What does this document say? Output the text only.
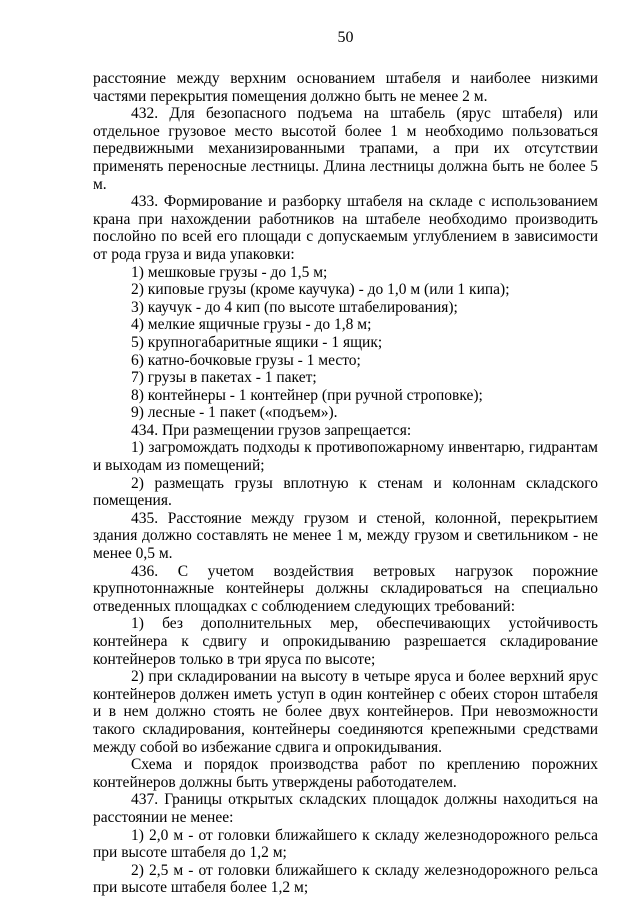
50

расстояние между верхним основанием штабеля и наиболее низкими частями перекрытия помещения должно быть не менее 2 м.

432. Для безопасного подъема на штабель (ярус штабеля) или отдельное грузовое место высотой более 1 м необходимо пользоваться передвижными механизированными трапами, а при их отсутствии применять переносные лестницы. Длина лестницы должна быть не более 5 м.

433. Формирование и разборку штабеля на складе с использованием крана при нахождении работников на штабеле необходимо производить послойно по всей его площади с допускаемым углублением в зависимости от рода груза и вида упаковки:

1) мешковые грузы - до 1,5 м;

2) киповые грузы (кроме каучука) - до 1,0 м (или 1 кипа);

3) каучук - до 4 кип (по высоте штабелирования);

4) мелкие ящичные грузы - до 1,8 м;

5) крупногабаритные ящики - 1 ящик;

6) катно-бочковые грузы - 1 место;

7) грузы в пакетах - 1 пакет;

8) контейнеры - 1 контейнер (при ручной строповке);

9) лесные - 1 пакет («подъем»).

434. При размещении грузов запрещается:

1) загромождать подходы к противопожарному инвентарю, гидрантам и выходам из помещений;

2) размещать грузы вплотную к стенам и колоннам складского помещения.

435. Расстояние между грузом и стеной, колонной, перекрытием здания должно составлять не менее 1 м, между грузом и светильником - не менее 0,5 м.

436. С учетом воздействия ветровых нагрузок порожние крупнотоннажные контейнеры должны складироваться на специально отведенных площадках с соблюдением следующих требований:

1) без дополнительных мер, обеспечивающих устойчивость контейнера к сдвигу и опрокидыванию разрешается складирование контейнеров только в три яруса по высоте;

2) при складировании на высоту в четыре яруса и более верхний ярус контейнеров должен иметь уступ в один контейнер с обеих сторон штабеля и в нем должно стоять не более двух контейнеров. При невозможности такого складирования, контейнеры соединяются крепежными средствами между собой во избежание сдвига и опрокидывания.

Схема и порядок производства работ по креплению порожних контейнеров должны быть утверждены работодателем.

437. Границы открытых складских площадок должны находиться на расстоянии не менее:

1) 2,0 м - от головки ближайшего к складу железнодорожного рельса при высоте штабеля до 1,2 м;

2) 2,5 м - от головки ближайшего к складу железнодорожного рельса при высоте штабеля более 1,2 м;
